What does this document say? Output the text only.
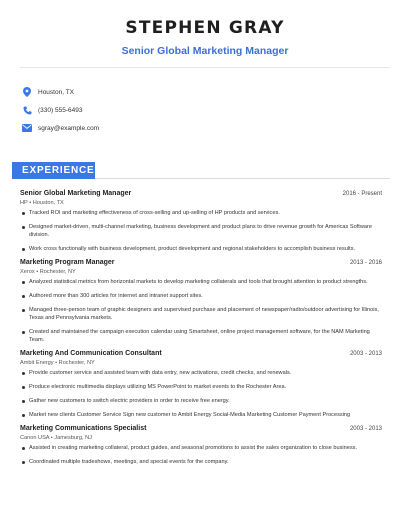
STEPHEN GRAY
Senior Global Marketing Manager
Houston, TX
(330) 555-6493
sgray@example.com
EXPERIENCE
Senior Global Marketing Manager	2016 - Present
HP • Houston, TX
Tracked ROI and marketing effectiveness of cross-selling and up-selling of HP products and services.
Designed market-driven, multi-channel marketing, business development and product plans to drive revenue growth for Americas Software division.
Work cross functionally with business development, product development and regional stakeholders to accomplish business results.
Marketing Program Manager	2013 - 2016
Xerox • Rochester, NY
Analyzed statistical metrics from horizontal markets to develop marketing collaterals and tools that brought attention to product strengths.
Authored more than 300 articles for internet and intranet support sites.
Managed three-person team of graphic designers and supervised purchase and placement of newspaper/radio/outdoor advertising for Illinois, Texas and Pennsylvania markets.
Created and maintained the campaign execution calendar using Smartsheet, online project management software, for the NAM Marketing Team.
Marketing And Communication Consultant	2003 - 2013
Ambit Energy • Rochester, NY
Provide customer service and assisted team with data entry, new activations, credit checks, and renewals.
Produce electronic multimedia displays utilizing MS PowerPoint to market events to the Rochester Area.
Gather new customers to switch electric providers in order to receive free energy.
Market new clients Customer Service Sign new customer to Ambit Energy Social-Media Marketing Customer Payment Processing
Marketing Communications Specialist	2003 - 2013
Canon USA • Jamesburg, NJ
Assisted in creating marketing collateral, product guides, and seasonal promotions to assist the sales organization to close business.
Coordinated multiple tradeshows, meetings, and special events for the company.
